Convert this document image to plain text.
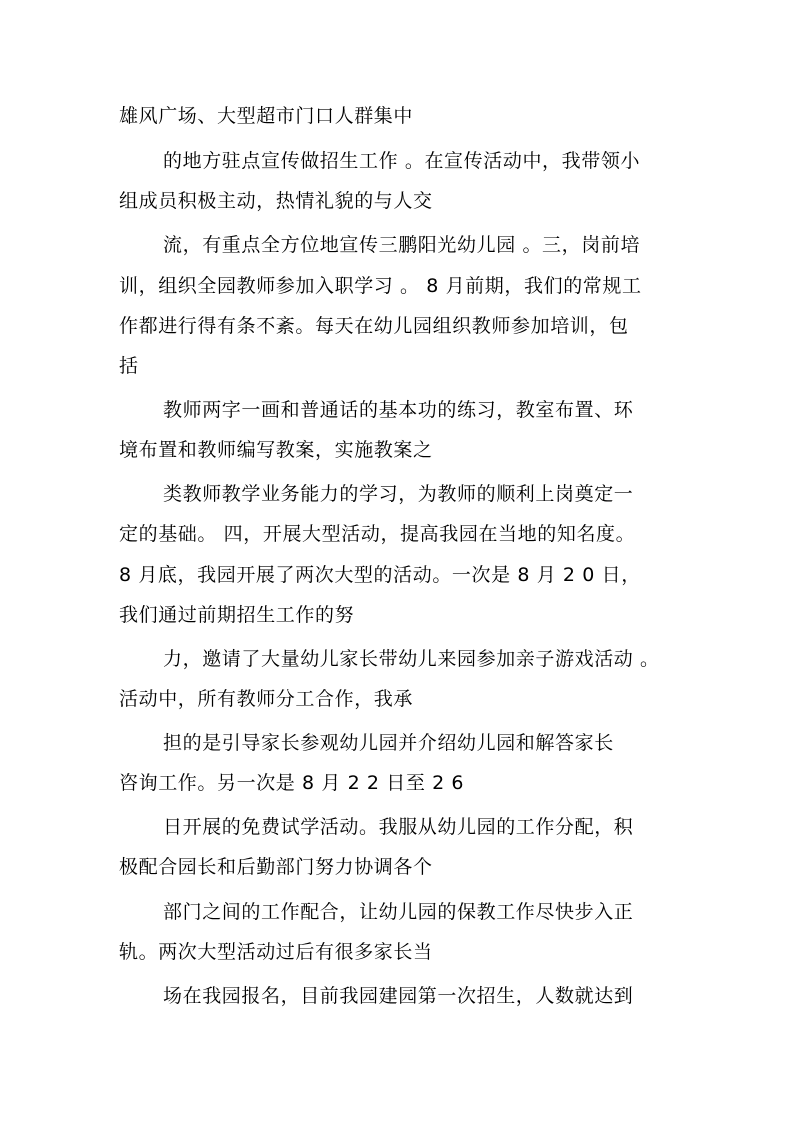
雄风广场、大型超市门口人群集中
的地方驻点宣传做招生工作 。在宣传活动中，我带领小
组成员积极主动，热情礼貌的与人交
流，有重点全方位地宣传三鹏阳光幼儿园 。三，岗前培
训，组织全园教师参加入职学习 。 8 月前期，我们的常规工
作都进行得有条不紊。每天在幼儿园组织教师参加培训，包
括
教师两字一画和普通话的基本功的练习，教室布置、环
境布置和教师编写教案，实施教案之
类教师教学业务能力的学习，为教师的顺利上岗奠定一
定的基础。 四，开展大型活动，提高我园在当地的知名度。
8 月底，我园开展了两次大型的活动。一次是 8 月 2 0 日，
我们通过前期招生工作的努
力，邀请了大量幼儿家长带幼儿来园参加亲子游戏活动 。
活动中，所有教师分工合作，我承
担的是引导家长参观幼儿园并介绍幼儿园和解答家长
咨询工作。另一次是 8 月 2 2 日至 2 6
日开展的免费试学活动。我服从幼儿园的工作分配，积
极配合园长和后勤部门努力协调各个
部门之间的工作配合，让幼儿园的保教工作尽快步入正
轨。两次大型活动过后有很多家长当
场在我园报名，目前我园建园第一次招生，人数就达到
